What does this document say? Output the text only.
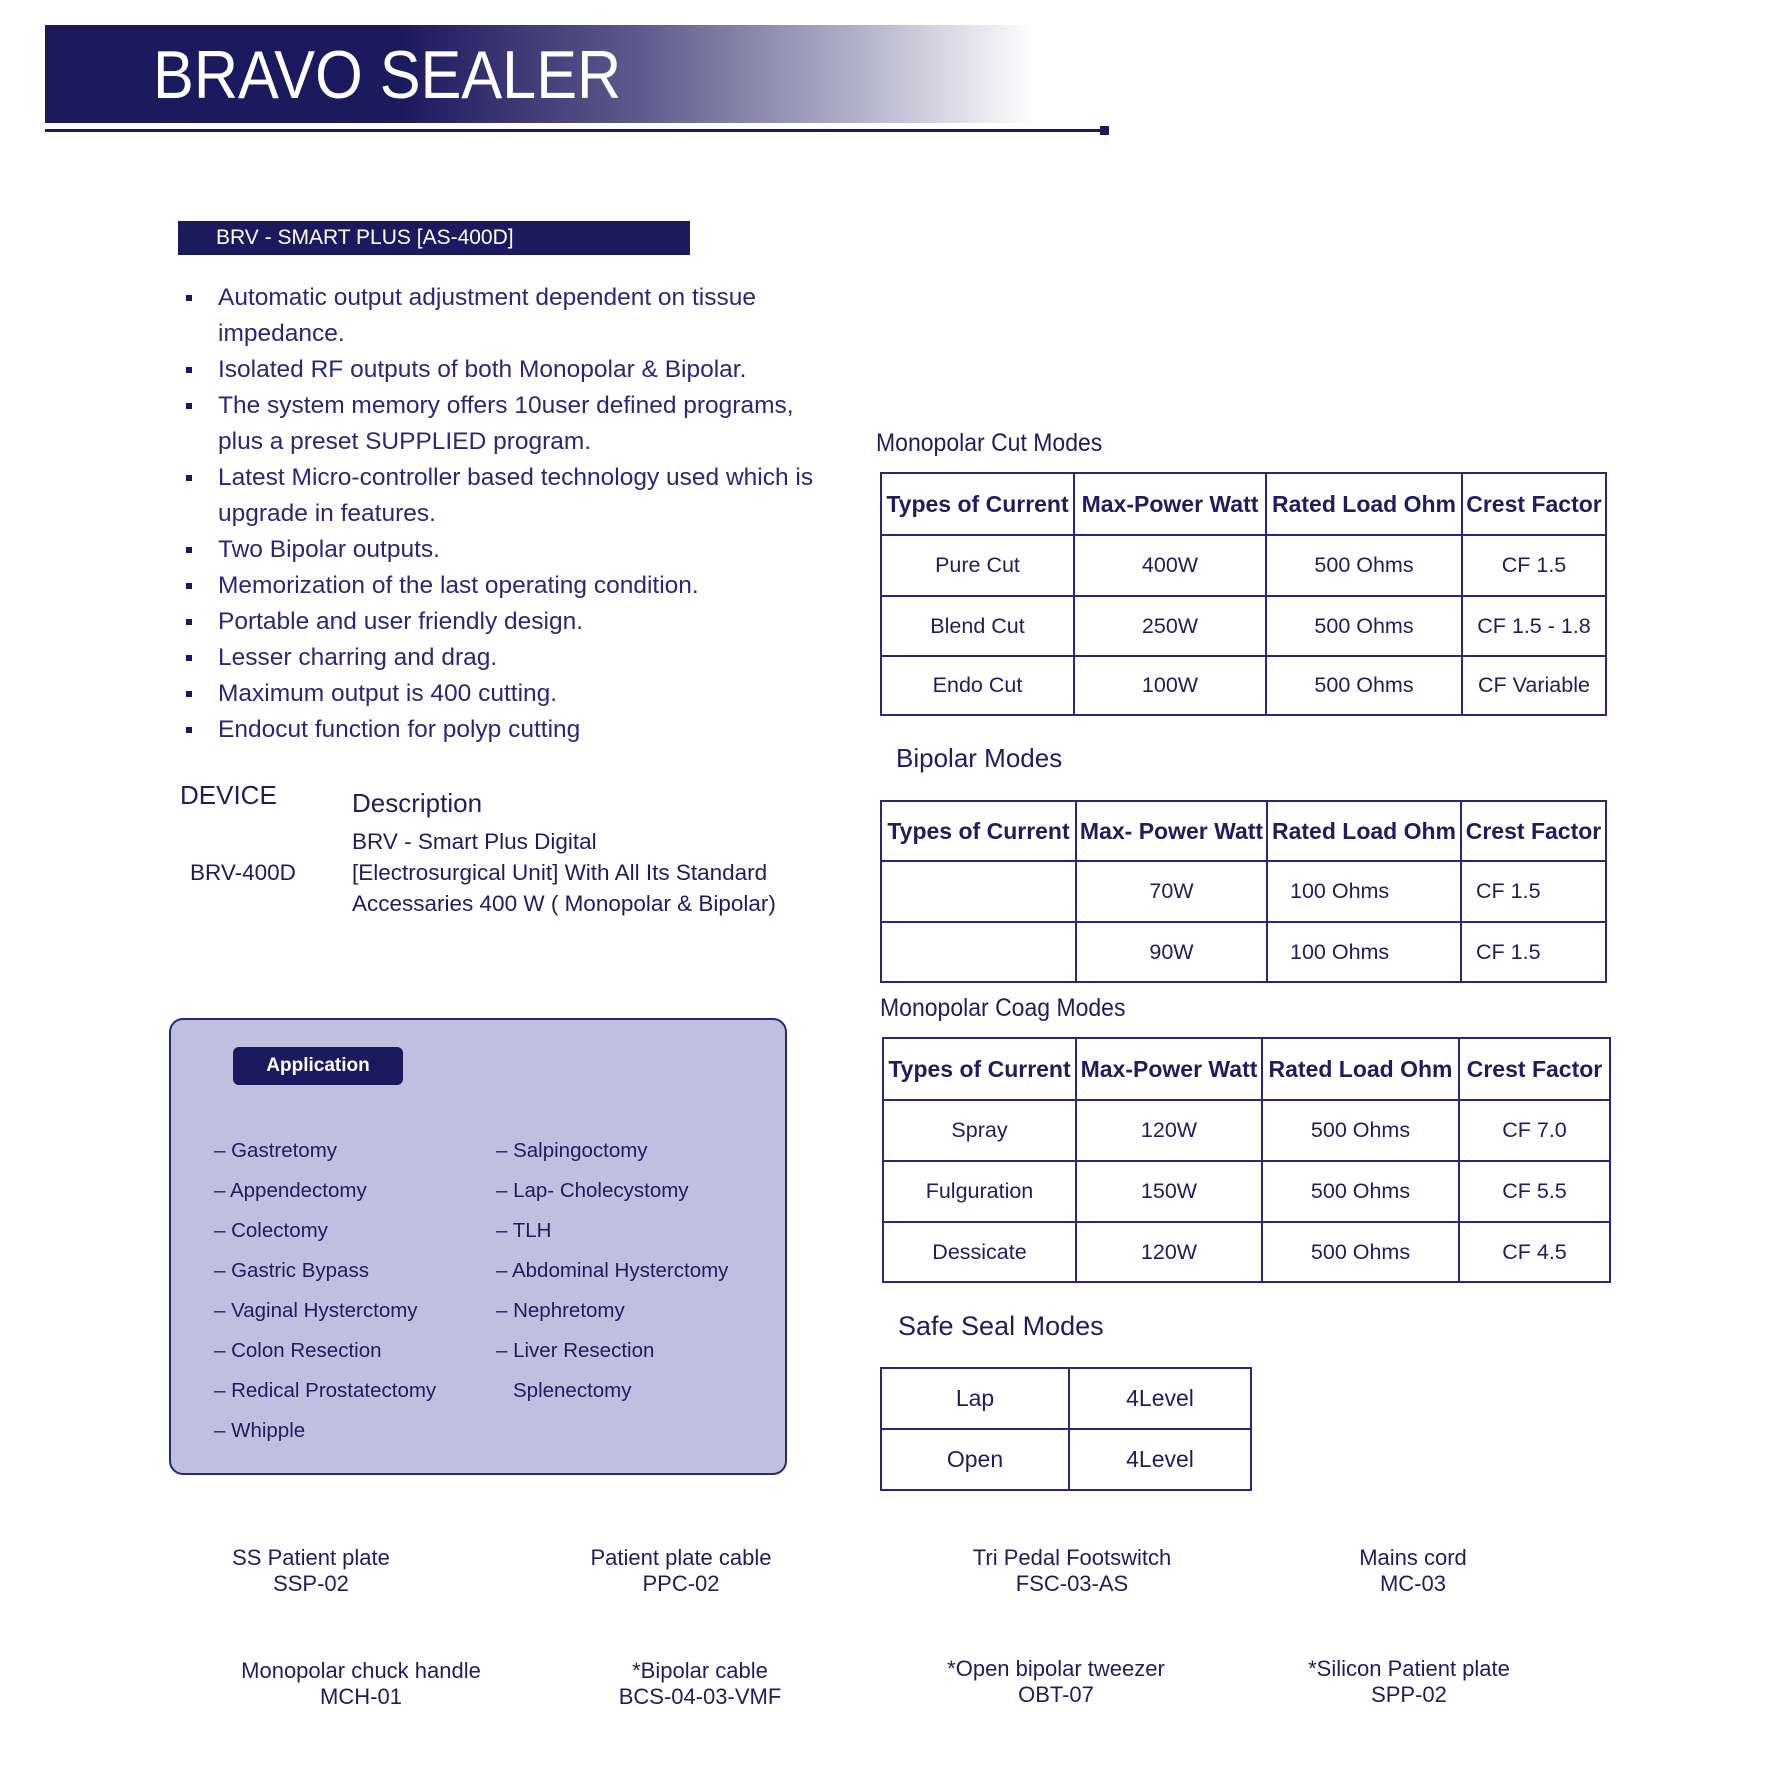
BRAVO SEALER
BRV - SMART PLUS [AS-400D]
Automatic output adjustment dependent on tissue
impedance.
Isolated RF outputs of both Monopolar & Bipolar.
The system memory offers 10user defined programs,
plus a preset SUPPLIED program.
Latest Micro-controller based technology used which is
upgrade in features.
Two Bipolar outputs.
Memorization of the last operating condition.
Portable and user friendly design.
Lesser charring and drag.
Maximum output is 400 cutting.
Endocut function for polyp cutting
DEVICE	Description
BRV-400D
BRV - Smart Plus Digital
[Electrosurgical Unit] With All Its Standard
Accessaries 400 W ( Monopolar & Bipolar)
Application
– Gastretomy
– Appendectomy
– Colectomy
– Gastric Bypass
– Vaginal Hysterctomy
– Colon Resection
– Redical Prostatectomy
– Whipple
– Salpingoctomy
– Lap- Cholecystomy
– TLH
– Abdominal Hysterctomy
– Nephretomy
– Liver Resection
Splenectomy
Monopolar Cut Modes
Types of Current	Max-Power Watt	Rated Load Ohm	Crest Factor
Pure Cut	400W	500 Ohms	CF 1.5
Blend Cut	250W	500 Ohms	CF 1.5 - 1.8
Endo Cut	100W	500 Ohms	CF Variable
Bipolar Modes
Types of Current	Max- Power Watt	Rated Load Ohm	Crest Factor
	70W	100 Ohms	CF 1.5
	90W	100 Ohms	CF 1.5
Monopolar Coag Modes
Types of Current	Max-Power Watt	Rated Load Ohm	Crest Factor
Spray	120W	500 Ohms	CF 7.0
Fulguration	150W	500 Ohms	CF 5.5
Dessicate	120W	500 Ohms	CF 4.5
Safe Seal Modes
Lap	4Level
Open	4Level
SS Patient plate
SSP-02
Patient plate cable
PPC-02
Tri Pedal Footswitch
FSC-03-AS
Mains cord
MC-03
Monopolar chuck handle
MCH-01
*Bipolar cable
BCS-04-03-VMF
*Open bipolar tweezer
OBT-07
*Silicon Patient plate
SPP-02
